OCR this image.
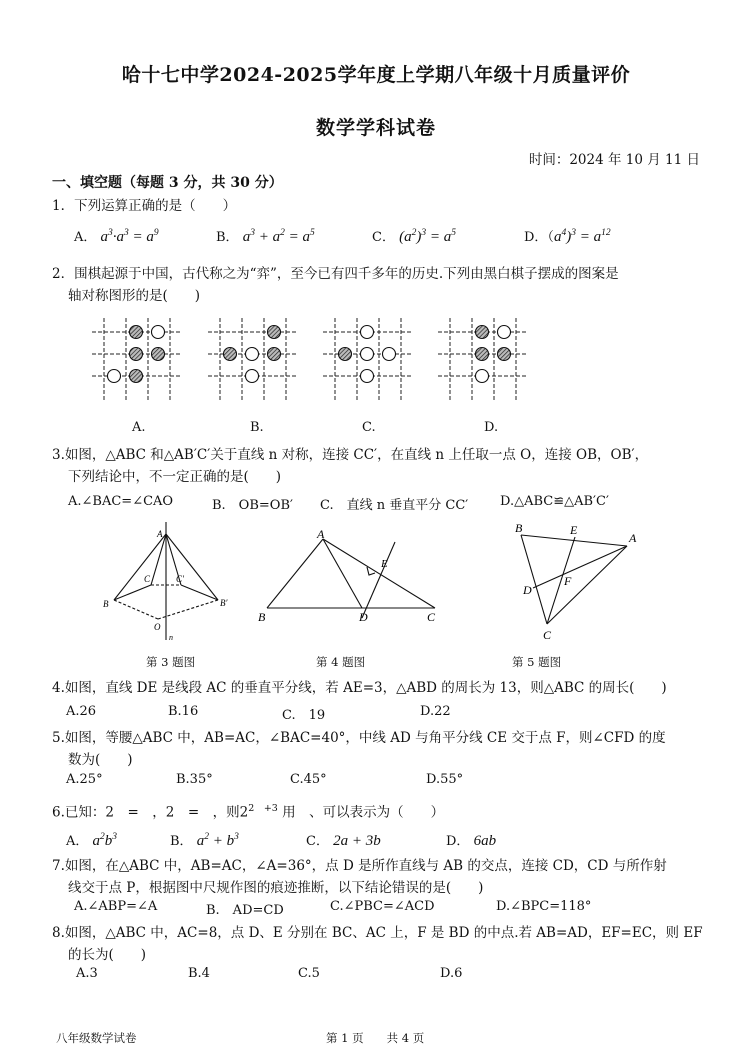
哈十七中学2024-2025学年度上学期八年级十月质量评价
数学学科试卷
时间：2024 年 10 月 11 日
一、填空题（每题 3 分，共 30 分）
1．下列运算正确的是（　　）
A． $a^3\cdot a^3 = a^9$	B． $a^3 + a^2 = a^5$	C． $(a^2)^3 = a^5$	D．$(a^4)^3 = a^{12}$
2．围棋起源于中国，古代称之为“弈”，至今已有四千多年的历史.下列由黑白棋子摆成的图案是
轴对称图形的是(　　)
A.	B.	C.	D.
3.如图，△ABC 和△AB′C′关于直线 n 对称，连接 CC′，在直线 n 上任取一点 O，连接 OB，OB′，
下列结论中，不一定正确的是(　　)
A.∠BAC=∠CAO	B.　OB=OB′ C.　直线 n 垂直平分 CC′ D.△ABC≌△AB′C′
A
B
C	C′
B′
O
n
A
B	D	C
E
B	E
A
D
F
C
第 3 题图	第 4 题图	第 5 题图
4.如图，直线 DE 是线段 AC 的垂直平分线，若 AE=3，△ABD 的周长为 13，则△ABC 的周长(　　)
A.26	B.16	C.　19	D.22
5.如图，等腰△ABC 中，AB=AC，∠BAC=40°，中线 AD 与角平分线 CE 交于点 F，则∠CFD 的度
数为(　　)
A.25°	B.35°	C.45°	D.55°
6.已知：2　=　，2　=　，则$2^{2 +3}$ 用　、可以表示为（　　）
A． $a^2b^3$	B． $a^2 + b^3$	C． 2a + 3b	D． 6ab
7.如图，在△ABC 中，AB=AC，∠A=36°，点 D 是所作直线与 AB 的交点，连接 CD，CD 与所作射
线交于点 P，根据图中尺规作图的痕迹推断，以下结论错误的是(　　)
A.∠ABP=∠A	B.　AD=CD	C.∠PBC=∠ACD	D.∠BPC=118°
8.如图，△ABC 中，AC=8，点 D、E 分别在 BC、AC 上，F 是 BD 的中点.若 AB=AD，EF=EC，则 EF
的长为(　　)
A.3	B.4	C.5	D.6
八年级数学试卷	第 1 页　　共 4 页
